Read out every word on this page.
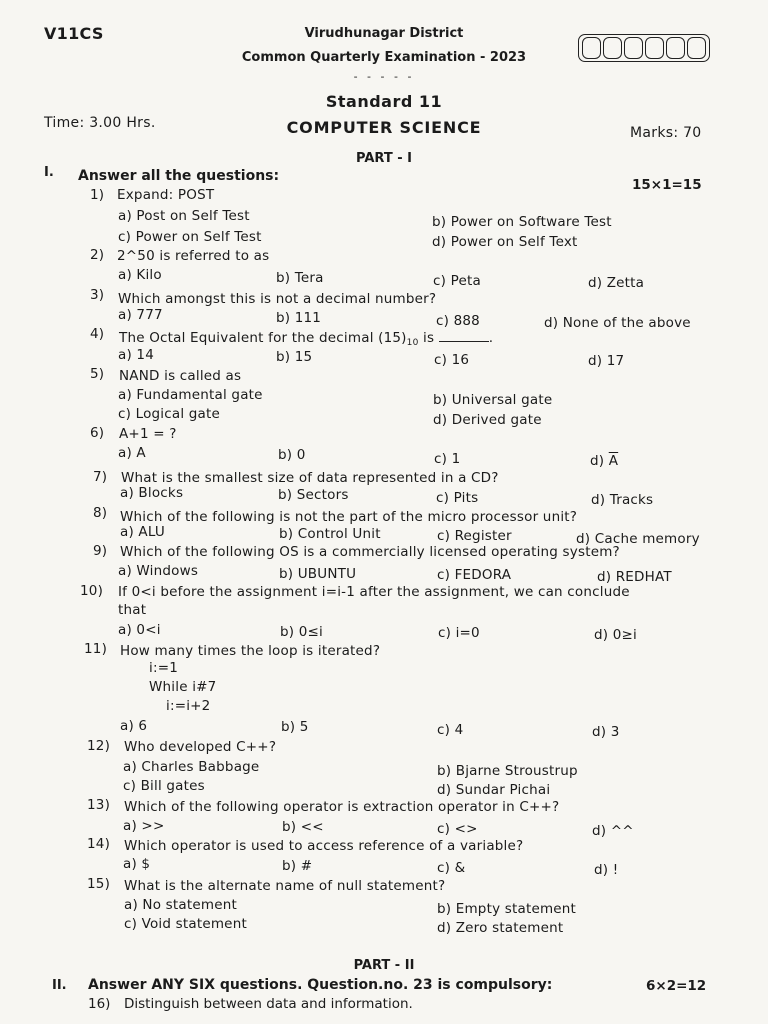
V11CS	Virudhunagar District
Common Quarterly Examination - 2023
- - - - -
Standard 11
Time: 3.00 Hrs.	COMPUTER SCIENCE	Marks: 70
PART - I
I. Answer all the questions:
15×1=15
1) Expand: POST
a) Post on Self Test	b) Power on Software Test
c) Power on Self Test	d) Power on Self Text
2) 2^50 is referred to as
a) Kilo	b) Tera	c) Peta	d) Zetta
3) Which amongst this is not a decimal number?
a) 777	b) 111	c) 888	d) None of the above
4) The Octal Equivalent for the decimal $(15)_{10}$ is	.
a) 14	b) 15	c) 16	d) 17
5) NAND is called as
a) Fundamental gate	b) Universal gate
c) Logical gate	d) Derived gate
6) A+1 = ?
a) A	b) 0	c) 1	d) $\overline{A}$
7) What is the smallest size of data represented in a CD?
a) Blocks	b) Sectors	c) Pits	d) Tracks
8) Which of the following is not the part of the micro processor unit?
a) ALU	b) Control Unit	c) Register	d) Cache memory
9) Which of the following OS is a commercially licensed operating system?
a) Windows	b) UBUNTU	c) FEDORA	d) REDHAT
10) If 0<i before the assignment i=i-1 after the assignment, we can conclude
that
a) 0<i	b) 0≤i	c) i=0	d) 0≥i
11) How many times the loop is iterated?
i:=1
While i#7
i:=i+2
a) 6	b) 5	c) 4	d) 3
12) Who developed C++?
a) Charles Babbage	b) Bjarne Stroustrup
c) Bill gates	d) Sundar Pichai
13) Which of the following operator is extraction operator in C++?
a) >>	b) <<	c) <>	d) ^^
14) Which operator is used to access reference of a variable?
a) $	b) #	c) &	d) !
15) What is the alternate name of null statement?
a) No statement	b) Empty statement
c) Void statement	d) Zero statement
PART - II
II. Answer ANY SIX questions. Question.no. 23 is compulsory:	6×2=12
16) Distinguish between data and information.
